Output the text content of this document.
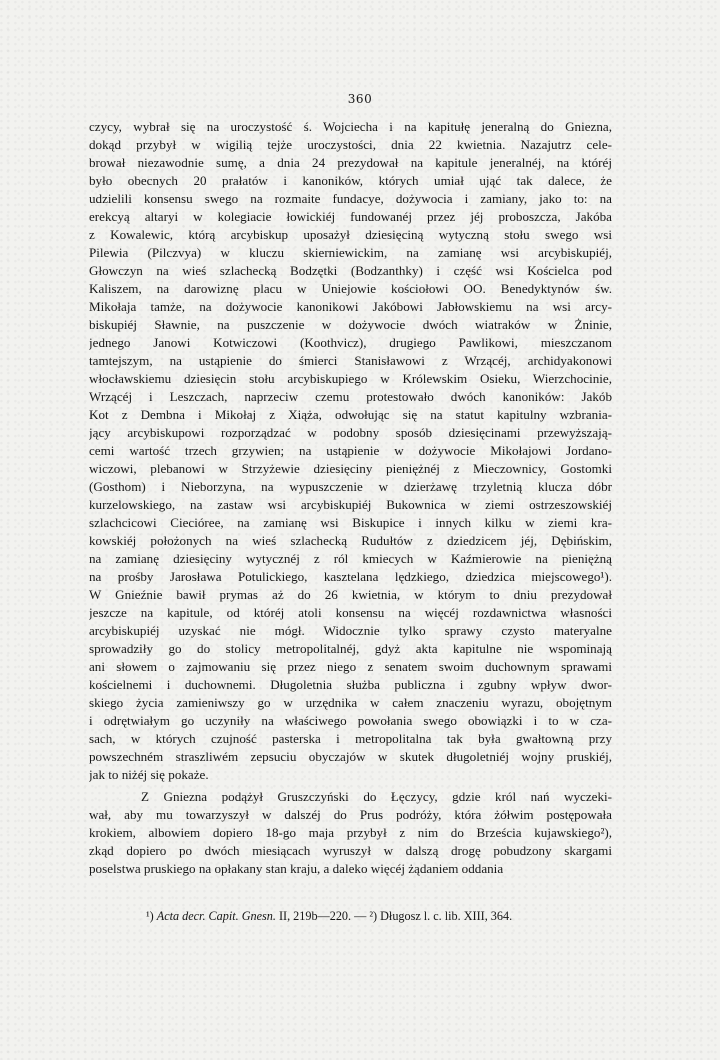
360
czycy, wybrał się na uroczystość ś. Wojciecha i na kapitułę jeneralną do Gniezna,
dokąd przybył w wigilią tejże uroczystości, dnia 22 kwietnia. Nazajutrz cele-
brował niezawodnie sumę, a dnia 24 prezydował na kapitule jeneralnéj, na któréj
było obecnych 20 prałatów i kanoników, których umiał ująć tak dalece, że
udzielili konsensu swego na rozmaite fundacye, dożywocia i zamiany, jako to: na
erekcyą altaryi w kolegiacie łowickiéj fundowanéj przez jéj proboszcza, Jakóba
z Kowalewic, którą arcybiskup uposażył dziesięciną wytyczną stołu swego wsi
Pilewia (Pilczvya) w kluczu skierniewickim, na zamianę wsi arcybiskupiéj,
Głowczyn na wieś szlachecką Bodzętki (Bodzanthky) i część wsi Kościelca pod
Kaliszem, na darowiznę placu w Uniejowie kościołowi OO. Benedyktynów św.
Mikołaja tamże, na dożywocie kanonikowi Jakóbowi Jabłowskiemu na wsi arcy-
biskupiéj Sławnie, na puszczenie w dożywocie dwóch wiatraków w Żninie,
jednego Janowi Kotwiczowi (Koothvicz), drugiego Pawlikowi, mieszczanom
tamtejszym, na ustąpienie do śmierci Stanisławowi z Wrzącéj, archidyakonowi
włocławskiemu dziesięcin stołu arcybiskupiego w Królewskim Osieku, Wierzchocinie,
Wrzącéj i Leszczach, naprzeciw czemu protestowało dwóch kanoników: Jakób
Kot z Dembna i Mikołaj z Xiąża, odwołując się na statut kapitulny wzbrania-
jący arcybiskupowi rozporządzać w podobny sposób dziesięcinami przewyższają-
cemi wartość trzech grzywien; na ustąpienie w dożywocie Mikołajowi Jordano-
wiczowi, plebanowi w Strzyżewie dziesięciny pieniężnéj z Mieczownicy, Gostomki
(Gosthom) i Nieborzyna, na wypuszczenie w dzierżawę trzyletnią klucza dóbr
kurzelowskiego, na zastaw wsi arcybiskupiéj Bukownica w ziemi ostrzeszowskiéj
szlachcicowi Ciecióree, na zamianę wsi Biskupice i innych kilku w ziemi kra-
kowskiéj położonych na wieś szlachecką Rudułtów z dziedzicem jéj, Dębińskim,
na zamianę dziesięciny wytycznéj z ról kmiecych w Kaźmierowie na pieniężną
na prośby Jarosława Potulickiego, kasztelana lędzkiego, dziedzica miejscowego¹).
W Gnieźnie bawił prymas aż do 26 kwietnia, w którym to dniu prezydował
jeszcze na kapitule, od któréj atoli konsensu na więcéj rozdawnictwa własności
arcybiskupiéj uzyskać nie mógł. Widocznie tylko sprawy czysto materyalne
sprowadziły go do stolicy metropolitalnéj, gdyż akta kapitulne nie wspominają
ani słowem o zajmowaniu się przez niego z senatem swoim duchownym sprawami
kościelnemi i duchownemi. Długoletnia służba publiczna i zgubny wpływ dwor-
skiego życia zamieniwszy go w urzędnika w całem znaczeniu wyrazu, obojętnym
i odrętwiałym go uczyniły na właściwego powołania swego obowiązki i to w cza-
sach, w których czujność pasterska i metropolitalna tak była gwałtowną przy
powszechném straszliwém zepsuciu obyczajów w skutek długoletniéj wojny pruskiéj,
jak to niżéj się pokaże.
Z Gniezna podążył Gruszczyński do Łęczycy, gdzie król nań wyczeki-
wał, aby mu towarzyszył w dalszéj do Prus podróży, która żółwim postępowała
krokiem, albowiem dopiero 18-go maja przybył z nim do Brześcia kujawskiego²),
zkąd dopiero po dwóch miesiącach wyruszył w dalszą drogę pobudzony skargami
poselstwa pruskiego na opłakany stan kraju, a daleko więcéj żądaniem oddania
¹) Acta decr. Capit. Gnesn. II, 219b—220. — ²) Długosz l. c. lib. XIII, 364.
